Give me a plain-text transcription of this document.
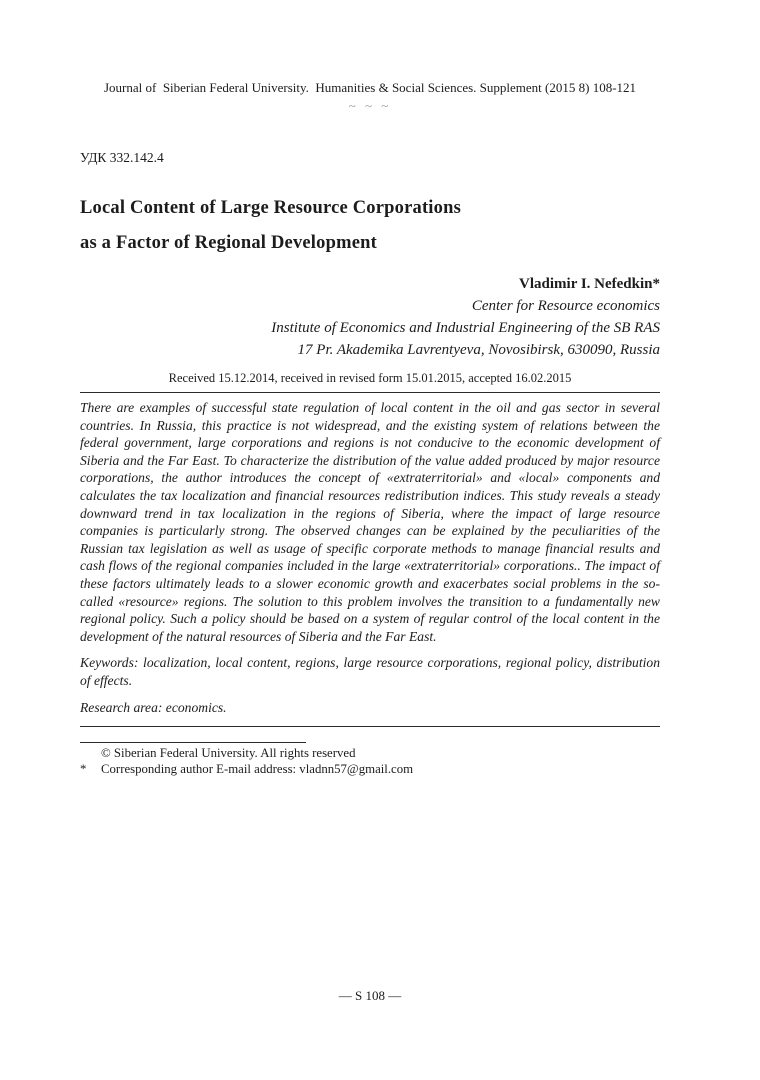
Journal of  Siberian Federal University.  Humanities & Social Sciences. Supplement (2015 8) 108-121
~ ~ ~
УДК 332.142.4
Local Content of Large Resource Corporations
as a Factor of Regional Development
Vladimir I. Nefedkin*
Center for Resource economics
Institute of Economics and Industrial Engineering of the SB RAS
17 Pr. Akademika Lavrentyeva, Novosibirsk, 630090, Russia
Received 15.12.2014, received in revised form 15.01.2015, accepted 16.02.2015
There are examples of successful state regulation of local content in the oil and gas sector in several countries. In Russia, this practice is not widespread, and the existing system of relations between the federal government, large corporations and regions is not conducive to the economic development of Siberia and the Far East. To characterize the distribution of the value added produced by major resource corporations, the author introduces the concept of «extraterritorial» and «local» components and calculates the tax localization and financial resources redistribution indices. This study reveals a steady downward trend in tax localization in the regions of Siberia, where the impact of large resource companies is particularly strong. The observed changes can be explained by the peculiarities of the Russian tax legislation as well as usage of specific corporate methods to manage financial results and cash flows of the regional companies included in the large «extraterritorial» corporations.. The impact of these factors ultimately leads to a slower economic growth and exacerbates social problems in the so-called «resource» regions. The solution to this problem involves the transition to a fundamentally new regional policy. Such a policy should be based on a system of regular control of the local content in the development of the natural resources of Siberia and the Far East.
Keywords: localization, local content, regions, large resource corporations, regional policy, distribution of effects.
Research area: economics.
© Siberian Federal University. All rights reserved
*	Corresponding author E-mail address: vladnn57@gmail.com
— S 108 —
